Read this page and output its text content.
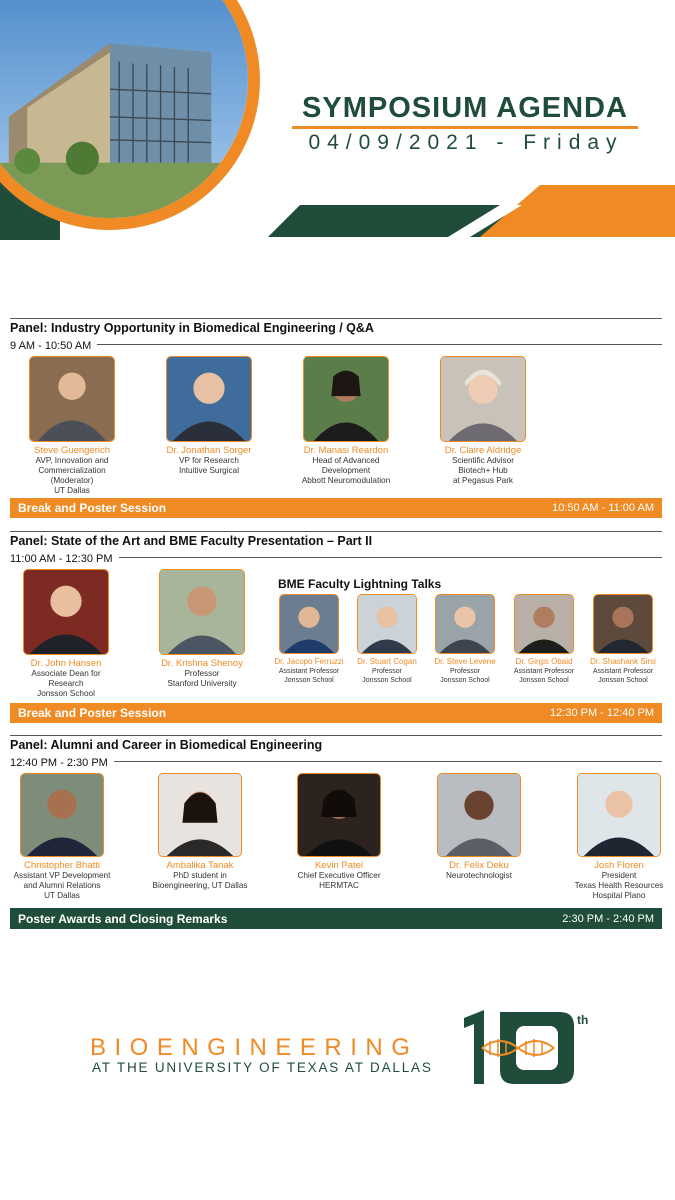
SYMPOSIUM AGENDA
04/09/2021 - Friday
Panel: Industry Opportunity in Biomedical Engineering / Q&A
9 AM - 10:50 AM
Steve Guengerich
AVP, Innovation and
Commercialization (Moderator)
UT Dallas
Dr. Jonathan Sorger
VP for Research
Intuitive Surgical
Dr. Manasi Reardon
Head of Advanced
Development
Abbott Neuromodulation
Dr. Claire Aldridge
Scientific Advisor
Biotech+ Hub
at Pegasus Park
Break and Poster Session	10:50 AM - 11:00 AM
Panel: State of the Art and BME Faculty Presentation – Part II
11:00 AM - 12:30 PM
Dr. John Hansen
Associate Dean for Research
Jonsson School
Dr. Krishna Shenoy
Professor
Stanford University
BME Faculty Lightning Talks
Dr. Jacopo Ferruzzi
Assistant Professor
Jonsson School
Dr. Stuart Cogan
Professor
Jonsson School
Dr. Steve Levene
Professor
Jonsson School
Dr. Girgis Obaid
Assistant Professor
Jonsson School
Dr. Shashank Sirsi
Assistant Professor
Jonsson School
Break and Poster Session	12:30 PM - 12:40 PM
Panel: Alumni and Career in Biomedical Engineering
12:40 PM - 2:30 PM
Christopher Bhatti
Assistant VP Development
and Alumni Relations
UT Dallas
Ambalika Tanak
PhD student in
Bioengineering, UT Dallas
Kevin Patel
Chief Executive Officer
HERMTAC
Dr. Felix Deku
Neurotechnologist
Josh Floren
President
Texas Health Resources
Hospital Plano
Poster Awards and Closing Remarks	2:30 PM - 2:40 PM
BIOENGINEERING
AT THE UNIVERSITY OF TEXAS AT DALLAS
th
